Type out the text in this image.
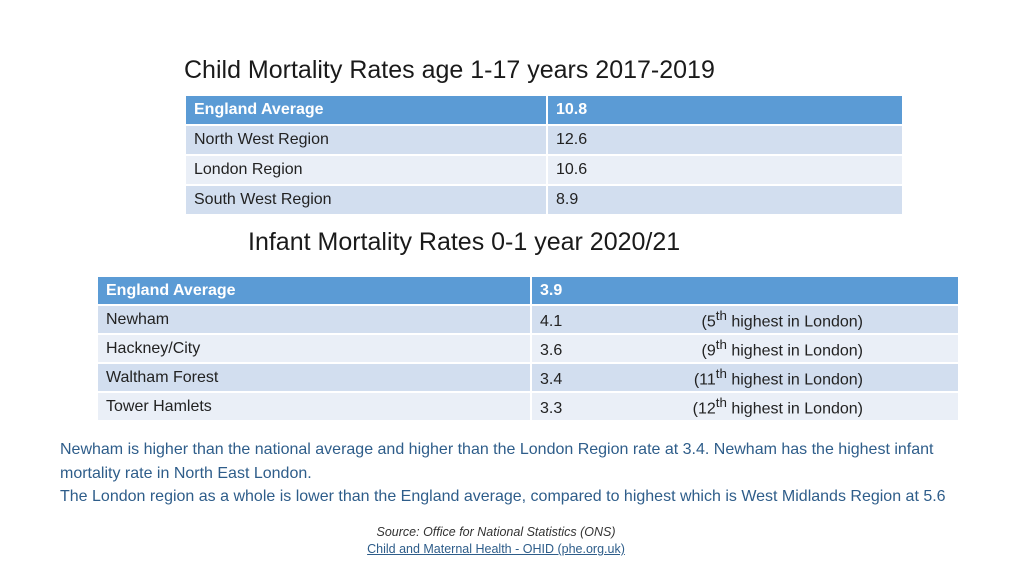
Child Mortality Rates age 1-17 years 2017-2019
England Average	10.8
North West Region	12.6
London Region	10.6
South West Region	8.9
Infant Mortality Rates 0-1 year 2020/21
England Average	3.9
Newham	4.1 (5th highest in London)
Hackney/City	3.6 (9th highest in London)
Waltham Forest	3.4 (11th highest in London)
Tower Hamlets	3.3 (12th highest in London)
Newham is higher than the national average and higher than the London Region rate at 3.4. Newham has the highest infant mortality rate in North East London.
The London region as a whole is lower than the England average, compared to highest which is West Midlands Region at 5.6
Source: Office for National Statistics (ONS)
Child and Maternal Health - OHID (phe.org.uk)
